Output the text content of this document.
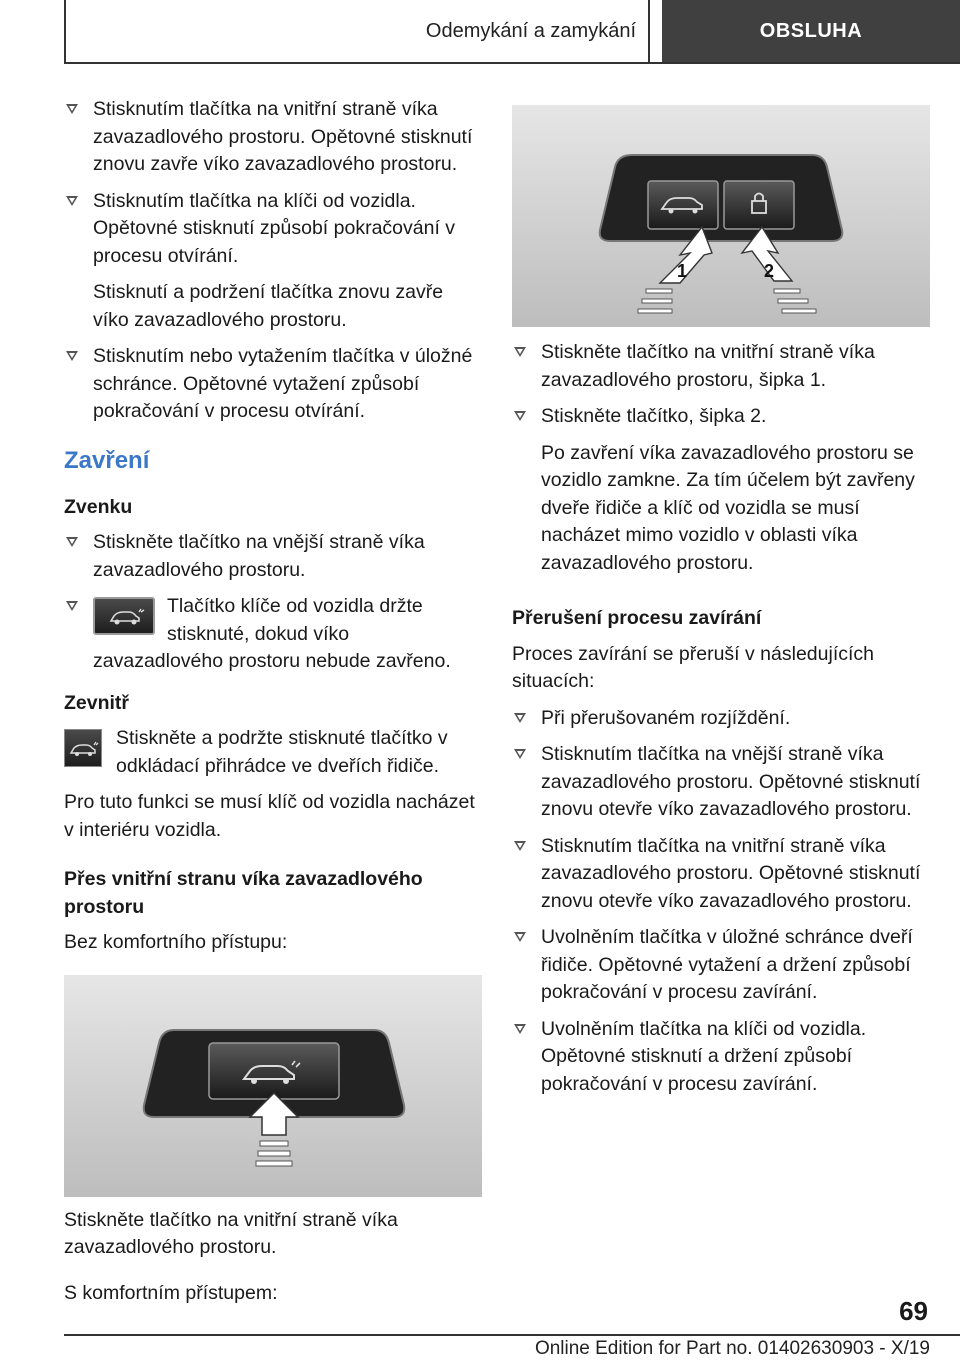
Odemykání a zamykání	OBSLUHA
Stisknutím tlačítka na vnitřní straně víka zavazadlového prostoru. Opětovné stisknutí znovu zavře víko zavazadlového prostoru.
Stisknutím tlačítka na klíči od vozidla. Opětovné stisknutí způsobí pokračování v procesu otvírání.
Stisknutí a podržení tlačítka znovu zavře víko zavazadlového prostoru.
Stisknutím nebo vytažením tlačítka v úložné schránce. Opětovné vytažení způsobí pokračování v procesu otvírání.
Zavření
Zvenku
Stiskněte tlačítko na vnější straně víka zavazadlového prostoru.
Tlačítko klíče od vozidla držte stisknuté, dokud víko zavazadlového prostoru nebude zavřeno.
Zevnitř
Stiskněte a podržte stisknuté tlačítko v odkládací přihrádce ve dveřích řidiče.

Pro tuto funkci se musí klíč od vozidla nacházet v interiéru vozidla.

Přes vnitřní stranu víka zavazadlového prostoru

Bez komfortního přístupu:

Stiskněte tlačítko na vnitřní straně víka zavazadlového prostoru.

S komfortním přístupem:

1	2
Stiskněte tlačítko na vnitřní straně víka zavazadlového prostoru, šipka 1.
Stiskněte tlačítko, šipka 2.
Po zavření víka zavazadlového prostoru se vozidlo zamkne. Za tím účelem být zavřeny dveře řidiče a klíč od vozidla se musí nacházet mimo vozidlo v oblasti víka zavazadlového prostoru.
Přerušení procesu zavírání

Proces zavírání se přeruší v následujících situacích:

Při přerušovaném rozjíždění.
Stisknutím tlačítka na vnější straně víka zavazadlového prostoru. Opětovné stisknutí znovu otevře víko zavazadlového prostoru.
Stisknutím tlačítka na vnitřní straně víka zavazadlového prostoru. Opětovné stisknutí znovu otevře víko zavazadlového prostoru.
Uvolněním tlačítka v úložné schránce dveří řidiče. Opětovné vytažení a držení způsobí pokračování v procesu zavírání.
Uvolněním tlačítka na klíči od vozidla. Opětovné stisknutí a držení způsobí pokračování v procesu zavírání.
69
Online Edition for Part no. 01402630903 - X/19
